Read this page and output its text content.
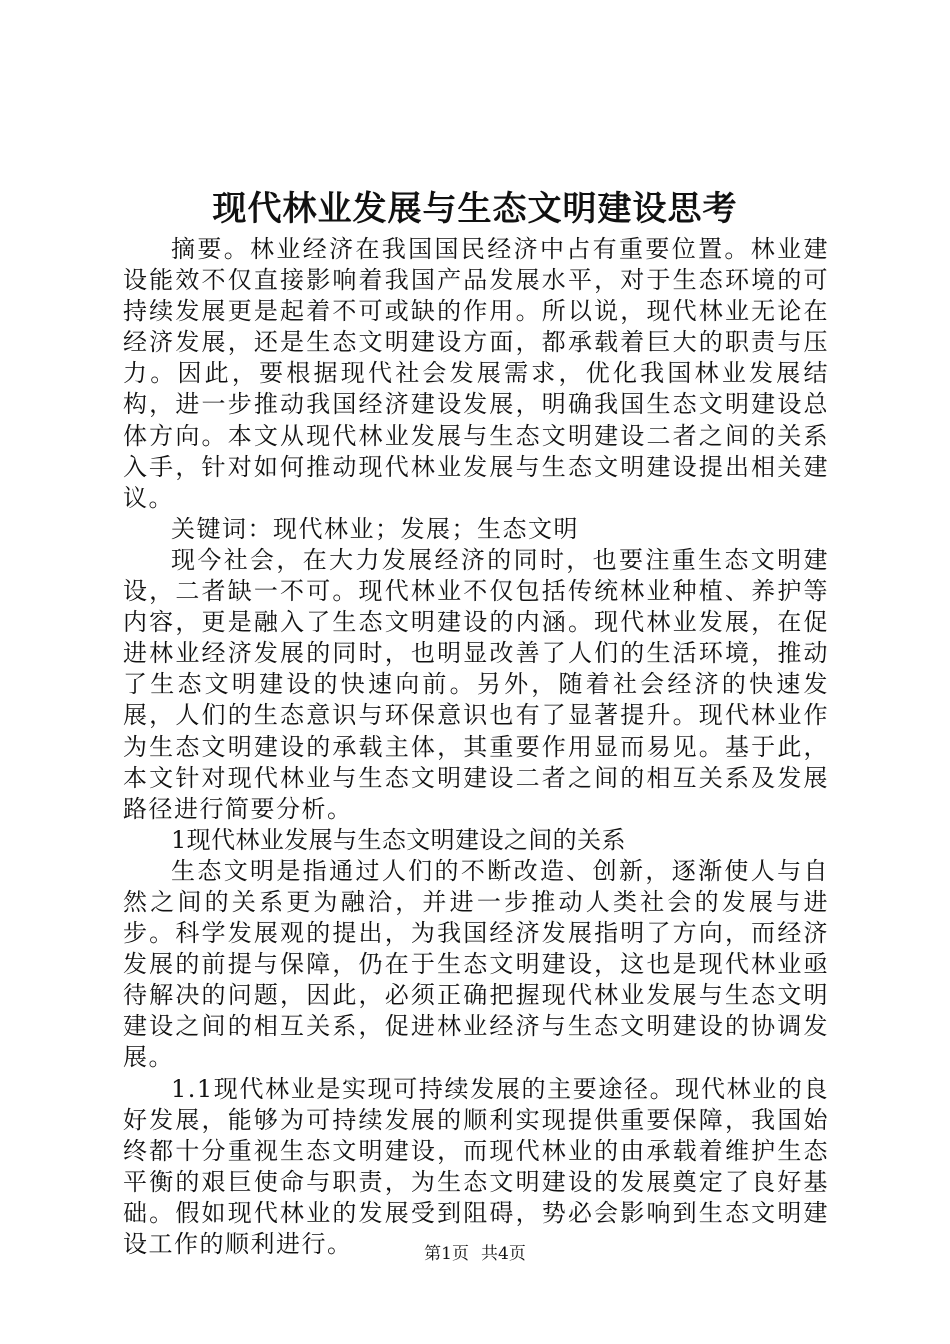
现代林业发展与生态文明建设思考

摘要。林业经济在我国国民经济中占有重要位置。林业建设能效不仅直接影响着我国产品发展水平，对于生态环境的可持续发展更是起着不可或缺的作用。所以说，现代林业无论在经济发展，还是生态文明建设方面，都承载着巨大的职责与压力。因此，要根据现代社会发展需求，优化我国林业发展结构，进一步推动我国经济建设发展，明确我国生态文明建设总体方向。本文从现代林业发展与生态文明建设二者之间的关系入手，针对如何推动现代林业发展与生态文明建设提出相关建议。

关键词：现代林业；发展；生态文明

现今社会，在大力发展经济的同时，也要注重生态文明建设，二者缺一不可。现代林业不仅包括传统林业种植、养护等内容，更是融入了生态文明建设的内涵。现代林业发展，在促进林业经济发展的同时，也明显改善了人们的生活环境，推动了生态文明建设的快速向前。另外，随着社会经济的快速发展，人们的生态意识与环保意识也有了显著提升。现代林业作为生态文明建设的承载主体，其重要作用显而易见。基于此，本文针对现代林业与生态文明建设二者之间的相互关系及发展路径进行简要分析。

1现代林业发展与生态文明建设之间的关系

生态文明是指通过人们的不断改造、创新，逐渐使人与自然之间的关系更为融洽，并进一步推动人类社会的发展与进步。科学发展观的提出，为我国经济发展指明了方向，而经济发展的前提与保障，仍在于生态文明建设，这也是现代林业亟待解决的问题，因此，必须正确把握现代林业发展与生态文明建设之间的相互关系，促进林业经济与生态文明建设的协调发展。

1.1现代林业是实现可持续发展的主要途径。现代林业的良好发展，能够为可持续发展的顺利实现提供重要保障，我国始终都十分重视生态文明建设，而现代林业的由承载着维护生态平衡的艰巨使命与职责，为生态文明建设的发展奠定了良好基础。假如现代林业的发展受到阻碍，势必会影响到生态文明建设工作的顺利进行。	第1页 共4页
